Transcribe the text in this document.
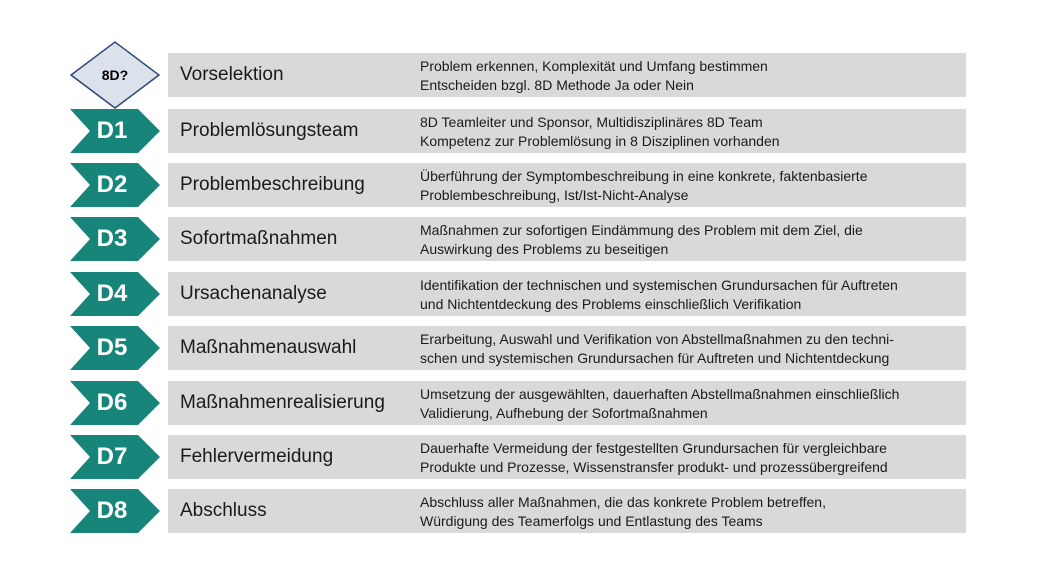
8D?	Vorselektion	Problem erkennen, Komplexität und Umfang bestimmen
Entscheiden bzgl. 8D Methode Ja oder Nein
D1	Problemlösungsteam	8D Teamleiter und Sponsor, Multidisziplinäres 8D Team
Kompetenz zur Problemlösung in 8 Disziplinen vorhanden
D2	Problembeschreibung	Überführung der Symptombeschreibung in eine konkrete, faktenbasierte
Problembeschreibung, Ist/Ist-Nicht-Analyse
D3	Sofortmaßnahmen	Maßnahmen zur sofortigen Eindämmung des Problem mit dem Ziel, die
Auswirkung des Problems zu beseitigen
D4	Ursachenanalyse	Identifikation der technischen und systemischen Grundursachen für Auftreten
und Nichtentdeckung des Problems einschließlich Verifikation
D5	Maßnahmenauswahl	Erarbeitung, Auswahl und Verifikation von Abstellmaßnahmen zu den techni-
schen und systemischen Grundursachen für Auftreten und Nichtentdeckung
D6	Maßnahmenrealisierung	Umsetzung der ausgewählten, dauerhaften Abstellmaßnahmen einschließlich
Validierung, Aufhebung der Sofortmaßnahmen
D7	Fehlervermeidung	Dauerhafte Vermeidung der festgestellten Grundursachen für vergleichbare
Produkte und Prozesse, Wissenstransfer produkt- und prozessübergreifend
D8	Abschluss	Abschluss aller Maßnahmen, die das konkrete Problem betreffen,
Würdigung des Teamerfolgs und Entlastung des Teams
